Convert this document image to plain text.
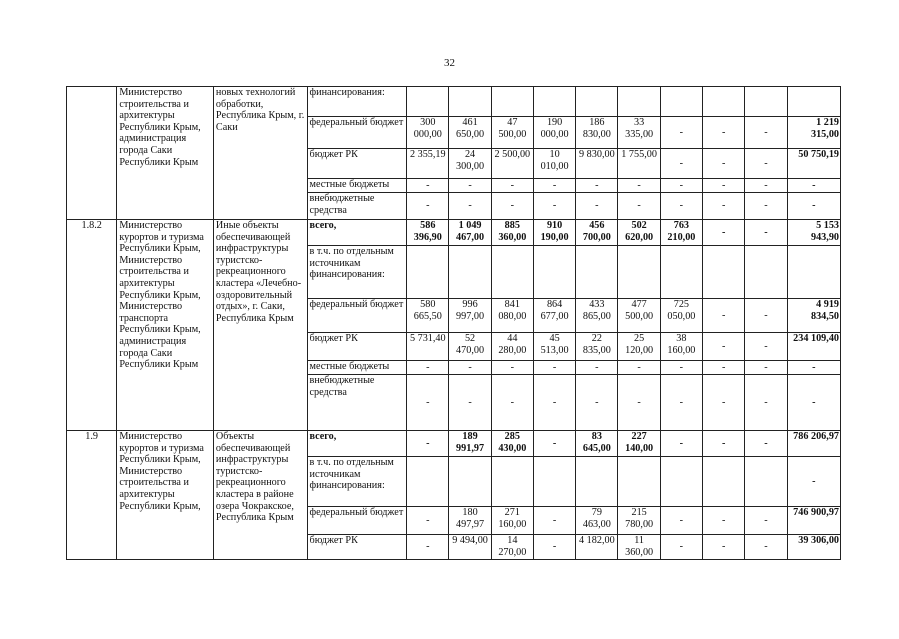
32
	Министерство строительства и архитектуры Республики Крым, администрация города Саки Республики Крым	новых технологий обработки, Республика Крым, г. Саки	финансирования:										
			федеральный бюджет	300 000,00	461 650,00	47 500,00	190 000,00	186 830,00	33 335,00	-	-	-	1 219 315,00
			бюджет РК	2 355,19	24 300,00	2 500,00	10 010,00	9 830,00	1 755,00	-	-	-	50 750,19
			местные бюджеты	-	-	-	-	-	-	-	-	-	-
			внебюджетные средства	-	-	-	-	-	-	-	-	-	-
1.8.2	Министерство курортов и туризма Республики Крым, Министерство строительства и архитектуры Республики Крым, Министерство транспорта Республики Крым, администрация города Саки Республики Крым	Иные объекты обеспечивающей инфраструктуры туристско-рекреационного кластера «Лечебно-оздоровительный отдых», г. Саки, Республика Крым	всего,	586 396,90	1 049 467,00	885 360,00	910 190,00	456 700,00	502 620,00	763 210,00	-	-	5 153 943,90
			в т.ч. по отдельным источникам финансирования:										
			федеральный бюджет	580 665,50	996 997,00	841 080,00	864 677,00	433 865,00	477 500,00	725 050,00	-	-	4 919 834,50
			бюджет РК	5 731,40	52 470,00	44 280,00	45 513,00	22 835,00	25 120,00	38 160,00	-	-	234 109,40
			местные бюджеты	-	-	-	-	-	-	-	-	-	-
			внебюджетные средства	-	-	-	-	-	-	-	-	-	-
1.9	Министерство курортов и туризма Республики Крым, Министерство строительства и архитектуры Республики Крым,	Объекты обеспечивающей инфраструктуры туристско-рекреационного кластера в районе озера Чокракское, Республика Крым	всего,	-	189 991,97	285 430,00	-	83 645,00	227 140,00	-	-	-	786 206,97
			в т.ч. по отдельным источникам финансирования:										-
			федеральный бюджет	-	180 497,97	271 160,00	-	79 463,00	215 780,00	-	-	-	746 900,97
			бюджет РК	-	9 494,00	14 270,00	-	4 182,00	11 360,00	-	-	-	39 306,00
